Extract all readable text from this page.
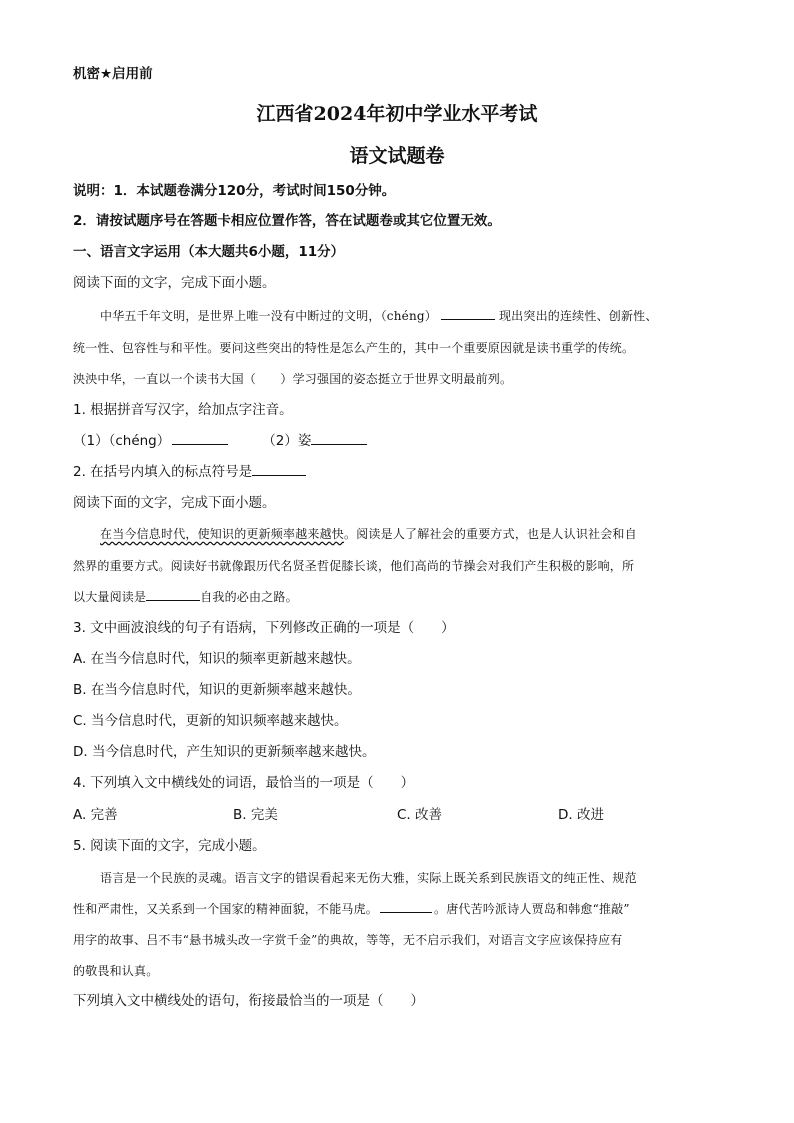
机密★启用前
江西省2024年初中学业水平考试
语文试题卷
说明：1．本试题卷满分120分，考试时间150分钟。
2．请按试题序号在答题卡相应位置作答，答在试题卷或其它位置无效。
一、语言文字运用（本大题共6小题，11分）
阅读下面的文字，完成下面小题。
中华五千年文明，是世界上唯一没有中断过的文明，（chéng）	现出突出的连续性、创新性、
统一性、包容性与和平性。要问这些突出的特性是怎么产生的，其中一个重要原因就是读书重学的传统。
泱泱中华，一直以一个读书大国（　　）学习强国的姿态挺立于世界文明最前列。
1. 根据拼音写汉字，给加点字注音。
（1）（chéng）	（2）姿
2. 在括号内填入的标点符号是
阅读下面的文字，完成下面小题。
在当今信息时代，使知识的更新频率越来越快。阅读是人了解社会的重要方式，也是人认识社会和自
然界的重要方式。阅读好书就像跟历代名贤圣哲促膝长谈，他们高尚的节操会对我们产生积极的影响，所
以大量阅读是	自我的必由之路。
3. 文中画波浪线的句子有语病，下列修改正确的一项是（　　）
A. 在当今信息时代，知识的频率更新越来越快。
B. 在当今信息时代，知识的更新频率越来越快。
C. 当今信息时代，更新的知识频率越来越快。
D. 当今信息时代，产生知识的更新频率越来越快。
4. 下列填入文中横线处的词语，最恰当的一项是（　　）
A. 完善	B. 完美	C. 改善	D. 改进
5. 阅读下面的文字，完成小题。
语言是一个民族的灵魂。语言文字的错误看起来无伤大雅，实际上既关系到民族语文的纯正性、规范
性和严肃性，又关系到一个国家的精神面貌，不能马虎。	。唐代苦吟派诗人贾岛和韩愈“推敲”
用字的故事、吕不韦“悬书城头改一字赏千金”的典故，等等，无不启示我们，对语言文字应该保持应有
的敬畏和认真。
下列填入文中横线处的语句，衔接最恰当的一项是（　　）
